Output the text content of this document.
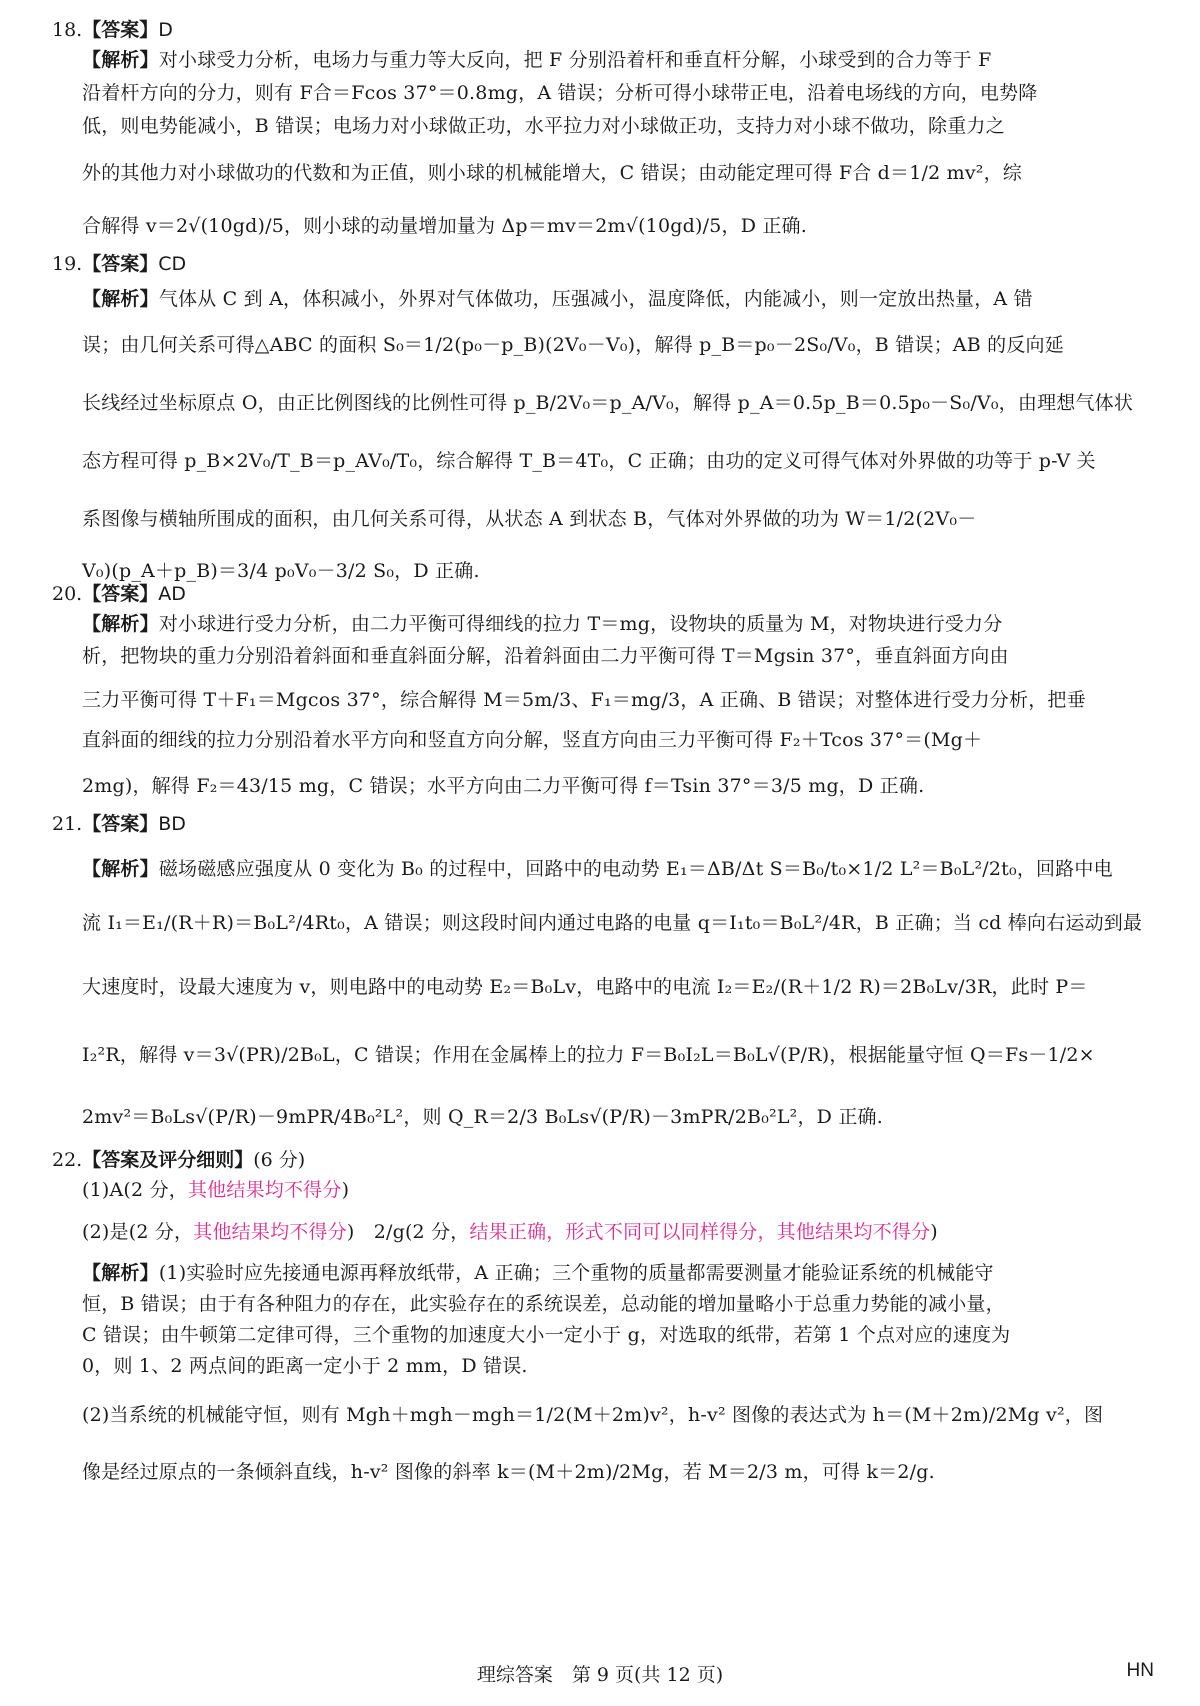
18.【答案】D
【解析】对小球受力分析，电场力与重力等大反向，把 F 分别沿着杆和垂直杆分解，小球受到的合力等于 F
沿着杆方向的分力，则有 F合＝Fcos 37°＝0.8mg，A 错误；分析可得小球带正电，沿着电场线的方向，电势降
低，则电势能减小，B 错误；电场力对小球做正功，水平拉力对小球做正功，支持力对小球不做功，除重力之
外的其他力对小球做功的代数和为正值，则小球的机械能增大，C 错误；由动能定理可得 F合 d＝1/2 mv²，综
合解得 v＝2√(10gd)/5，则小球的动量增加量为 Δp＝mv＝2m√(10gd)/5，D 正确.
19.【答案】CD
【解析】气体从 C 到 A，体积减小，外界对气体做功，压强减小，温度降低，内能减小，则一定放出热量，A 错
误；由几何关系可得△ABC 的面积 S₀＝1/2(p₀－p_B)(2V₀－V₀)，解得 p_B＝p₀－2S₀/V₀，B 错误；AB 的反向延
长线经过坐标原点 O，由正比例图线的比例性可得 p_B/2V₀＝p_A/V₀，解得 p_A＝0.5p_B＝0.5p₀－S₀/V₀，由理想气体状
态方程可得 p_B×2V₀/T_B＝p_AV₀/T₀，综合解得 T_B＝4T₀，C 正确；由功的定义可得气体对外界做的功等于 p-V 关
系图像与横轴所围成的面积，由几何关系可得，从状态 A 到状态 B，气体对外界做的功为 W＝1/2(2V₀－
V₀)(p_A＋p_B)＝3/4 p₀V₀－3/2 S₀，D 正确.
20.【答案】AD
【解析】对小球进行受力分析，由二力平衡可得细线的拉力 T＝mg，设物块的质量为 M，对物块进行受力分
析，把物块的重力分别沿着斜面和垂直斜面分解，沿着斜面由二力平衡可得 T＝Mgsin 37°，垂直斜面方向由
三力平衡可得 T＋F₁＝Mgcos 37°，综合解得 M＝5m/3、F₁＝mg/3，A 正确、B 错误；对整体进行受力分析，把垂
直斜面的细线的拉力分别沿着水平方向和竖直方向分解，竖直方向由三力平衡可得 F₂＋Tcos 37°＝(Mg＋
2mg)，解得 F₂＝43/15 mg，C 错误；水平方向由二力平衡可得 f＝Tsin 37°＝3/5 mg，D 正确.
21.【答案】BD
【解析】磁场磁感应强度从 0 变化为 B₀ 的过程中，回路中的电动势 E₁＝ΔB/Δt S＝B₀/t₀×1/2 L²＝B₀L²/2t₀，回路中电
流 I₁＝E₁/(R＋R)＝B₀L²/4Rt₀，A 错误；则这段时间内通过电路的电量 q＝I₁t₀＝B₀L²/4R，B 正确；当 cd 棒向右运动到最
大速度时，设最大速度为 v，则电路中的电动势 E₂＝B₀Lv，电路中的电流 I₂＝E₂/(R＋1/2 R)＝2B₀Lv/3R，此时 P＝
I₂²R，解得 v＝3√(PR)/2B₀L，C 错误；作用在金属棒上的拉力 F＝B₀I₂L＝B₀L√(P/R)，根据能量守恒 Q＝Fs－1/2×
2mv²＝B₀Ls√(P/R)－9mPR/4B₀²L²，则 Q_R＝2/3 B₀Ls√(P/R)－3mPR/2B₀²L²，D 正确.
22.【答案及评分细则】(6 分)
(1)A(2 分，其他结果均不得分)
(2)是(2 分，其他结果均不得分)　2/g(2 分，结果正确，形式不同可以同样得分，其他结果均不得分)
【解析】(1)实验时应先接通电源再释放纸带，A 正确；三个重物的质量都需要测量才能验证系统的机械能守
恒，B 错误；由于有各种阻力的存在，此实验存在的系统误差，总动能的增加量略小于总重力势能的减小量，
C 错误；由牛顿第二定律可得，三个重物的加速度大小一定小于 g，对选取的纸带，若第 1 个点对应的速度为
0，则 1、2 两点间的距离一定小于 2 mm，D 错误.
(2)当系统的机械能守恒，则有 Mgh＋mgh－mgh＝1/2(M＋2m)v²，h-v² 图像的表达式为 h＝(M＋2m)/2Mg v²，图
像是经过原点的一条倾斜直线，h-v² 图像的斜率 k＝(M＋2m)/2Mg，若 M＝2/3 m，可得 k＝2/g.
理综答案　第 9 页(共 12 页)	HN
